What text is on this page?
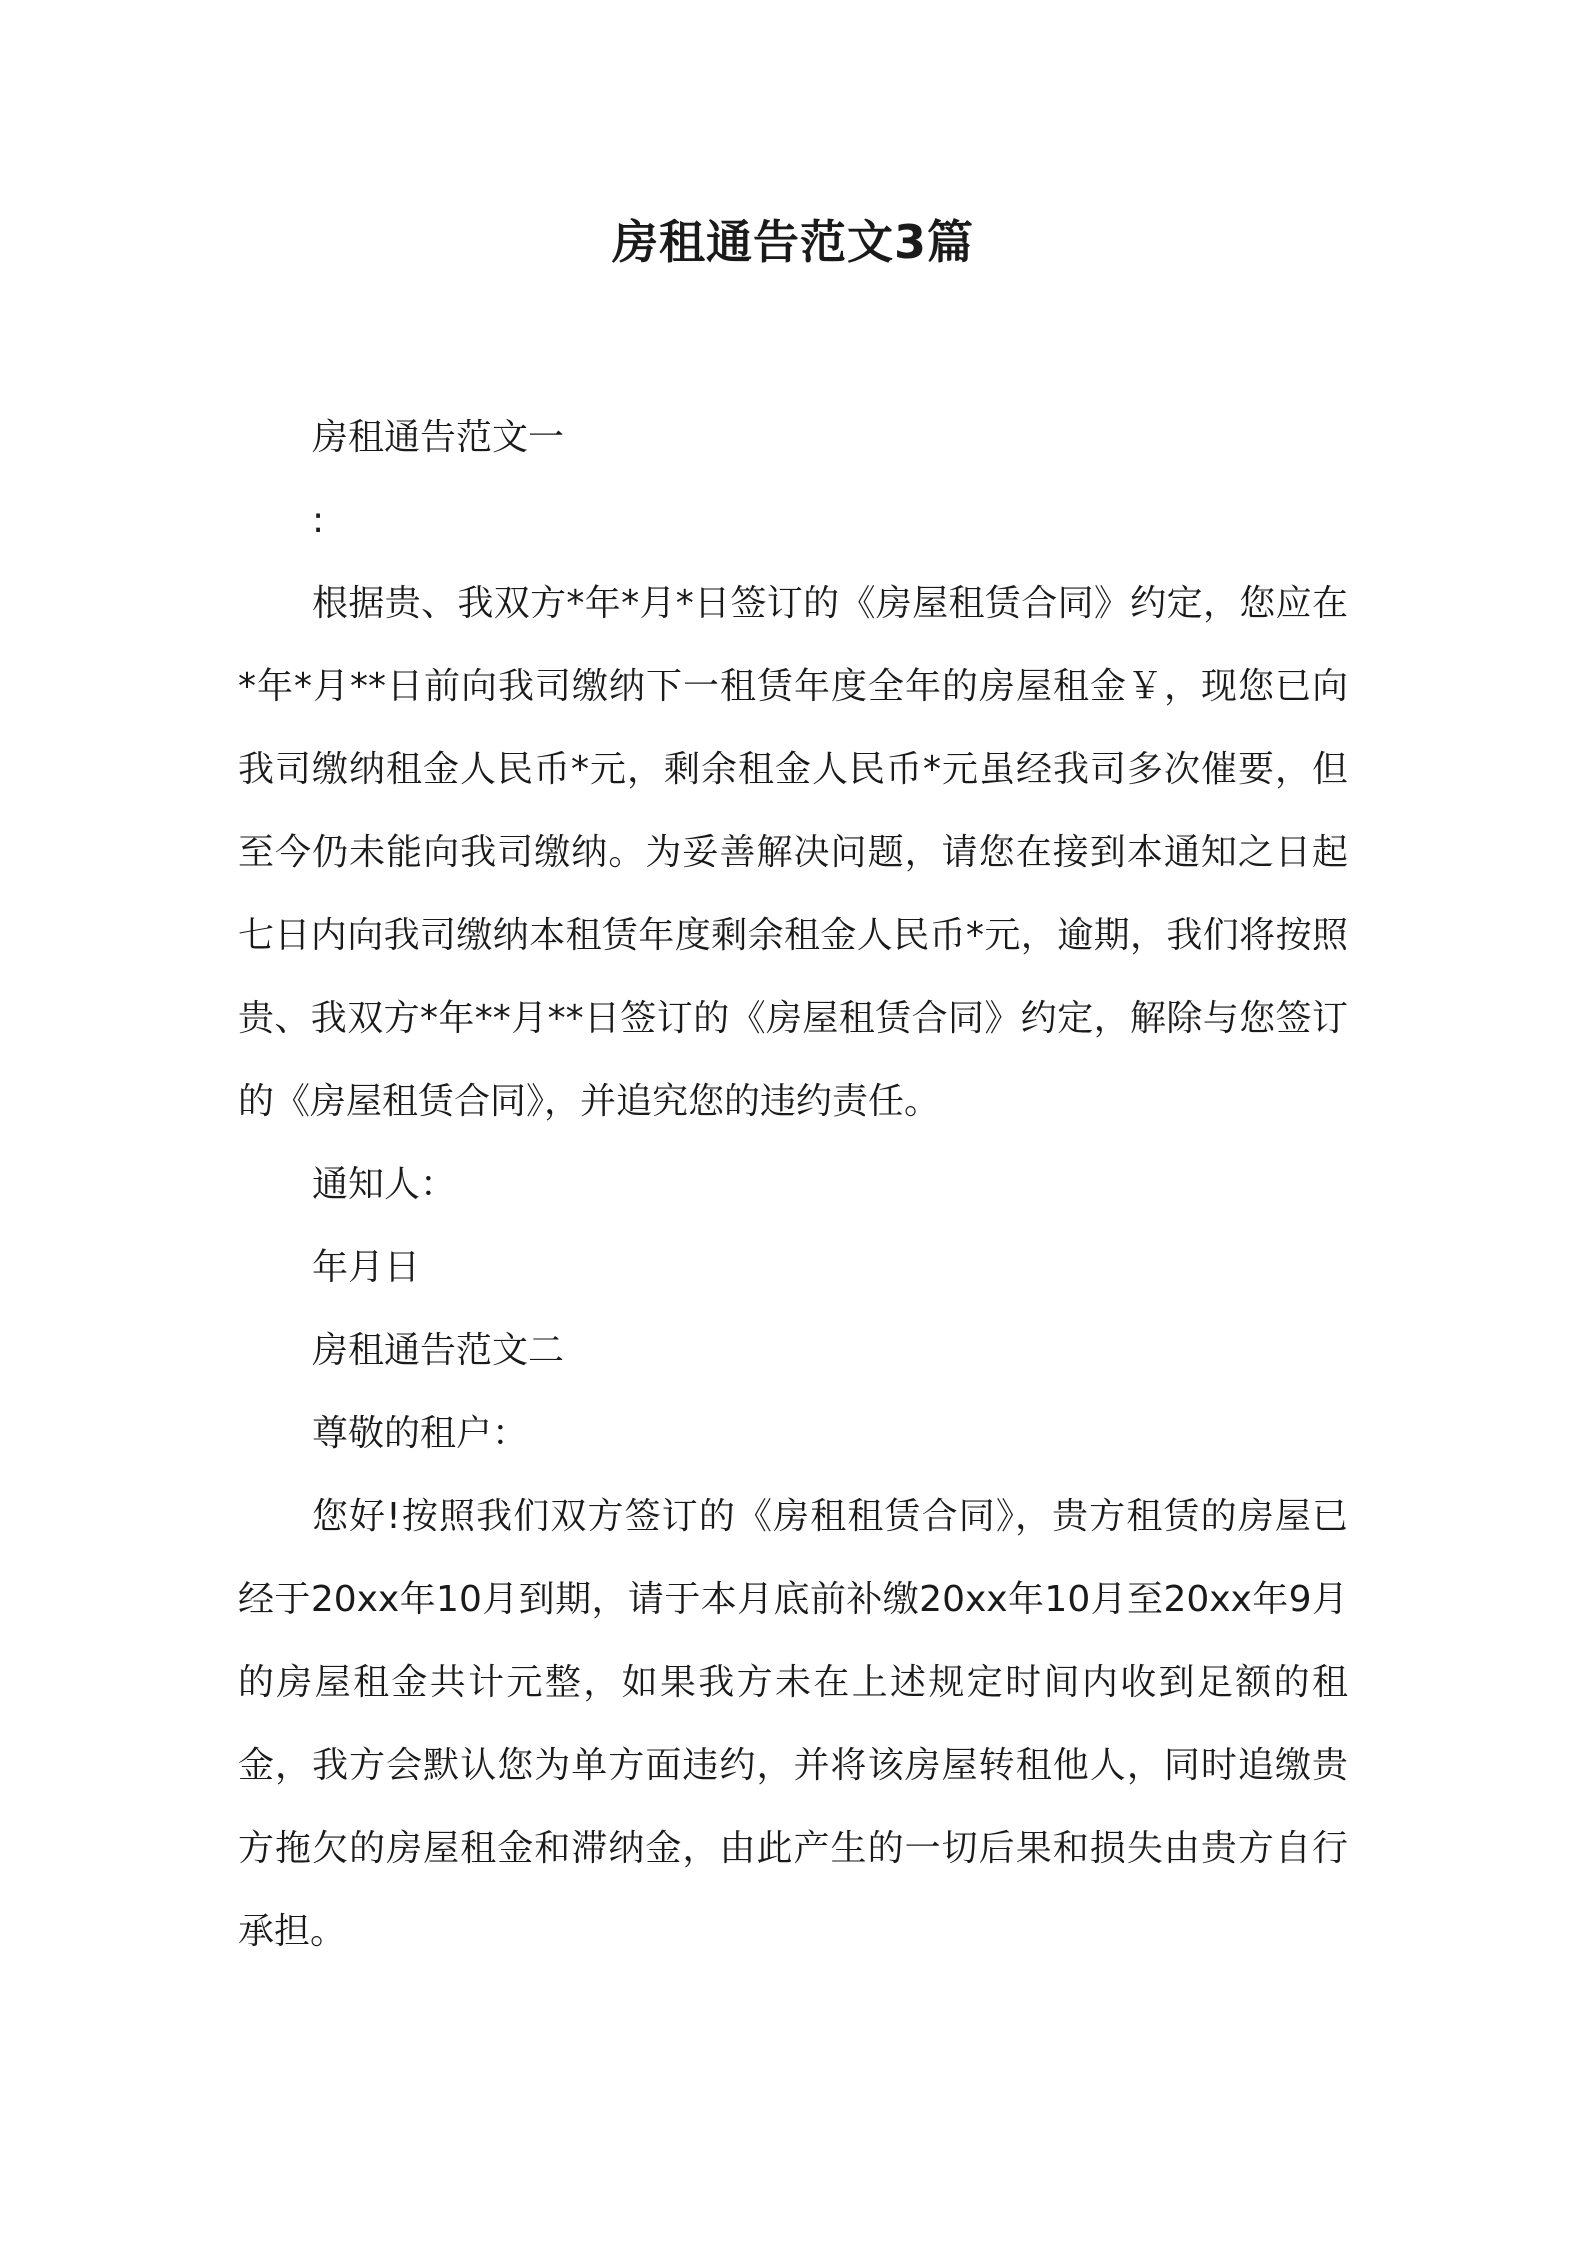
房租通告范文3篇

房租通告范文一

:

根据贵、我双方*年*月*日签订的《房屋租赁合同》约定，您应在*年*月**日前向我司缴纳下一租赁年度全年的房屋租金￥，现您已向我司缴纳租金人民币*元，剩余租金人民币*元虽经我司多次催要，但至今仍未能向我司缴纳。为妥善解决问题，请您在接到本通知之日起七日内向我司缴纳本租赁年度剩余租金人民币*元，逾期，我们将按照贵、我双方*年**月**日签订的《房屋租赁合同》约定，解除与您签订的《房屋租赁合同》，并追究您的违约责任。

通知人：

年月日

房租通告范文二

尊敬的租户：

您好!按照我们双方签订的《房租租赁合同》，贵方租赁的房屋已经于20xx年10月到期，请于本月底前补缴20xx年10月至20xx年9月的房屋租金共计元整，如果我方未在上述规定时间内收到足额的租金，我方会默认您为单方面违约，并将该房屋转租他人，同时追缴贵方拖欠的房屋租金和滞纳金，由此产生的一切后果和损失由贵方自行承担。
